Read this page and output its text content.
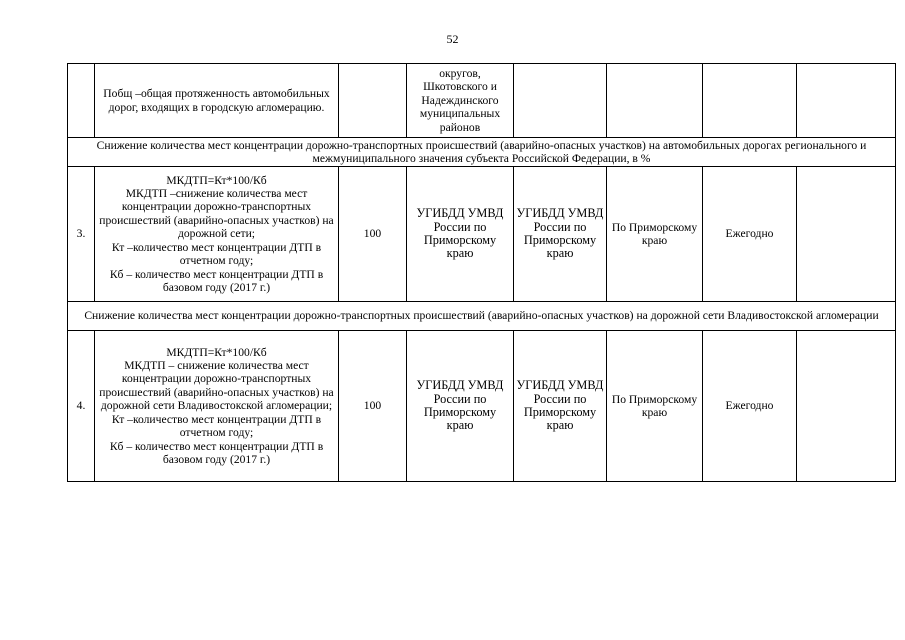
52
	Побщ –общая протяженность автомобильных дорог, входящих в городскую агломерацию.		округов, Шкотовского и Надеждинского муниципальных районов				
Снижение количества мест концентрации дорожно-транспортных происшествий (аварийно-опасных участков) на автомобильных дорогах регионального и межмуниципального значения субъекта Российской Федерации, в %							
3.	МКДТП=Кт*100/Кб
МКДТП –снижение количества мест концентрации дорожно-транспортных происшествий (аварийно-опасных участков) на дорожной сети;
Кт –количество мест концентрации ДТП в отчетном году;
Кб – количество мест концентрации ДТП в базовом году (2017 г.)	100	УГИБДД УМВД России по Приморскому краю	УГИБДД УМВД России по Приморскому краю	По Приморскому краю	Ежегодно	
Снижение количества мест концентрации дорожно-транспортных происшествий (аварийно-опасных участков) на дорожной сети Владивостокской агломерации							
4.	МКДТП=Кт*100/Кб
МКДТП – снижение количества мест концентрации дорожно-транспортных происшествий (аварийно-опасных участков) на дорожной сети Владивостокской агломерации;
Кт –количество мест концентрации ДТП в отчетном году;
Кб – количество мест концентрации ДТП в базовом году (2017 г.)	100	УГИБДД УМВД России по Приморскому краю	УГИБДД УМВД России по Приморскому краю	По Приморскому краю	Ежегодно	
